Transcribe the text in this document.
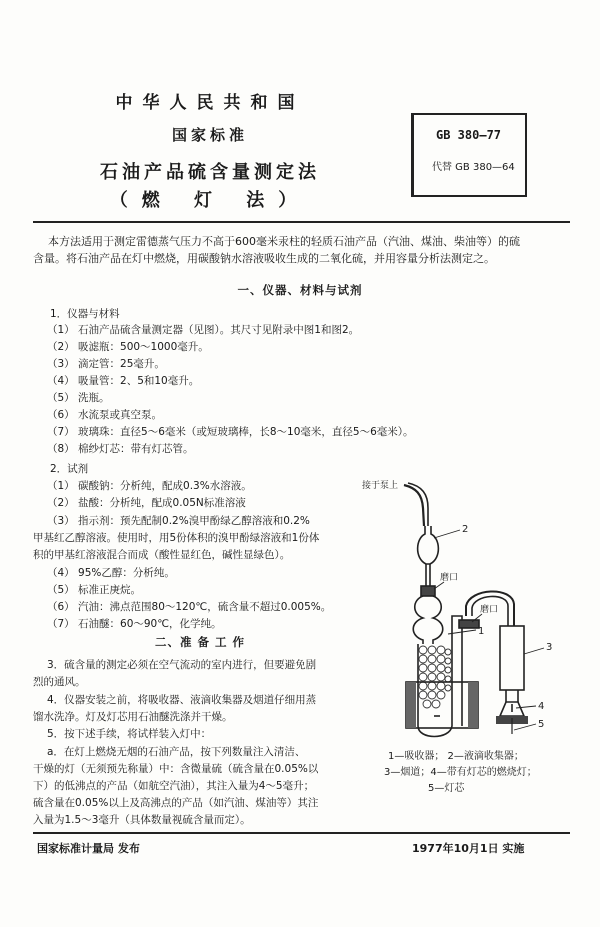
中华人民共和国
国家标准
石油产品硫含量测定法
（燃 灯 法）
GB 380—77
代替 GB 380—64
本方法适用于测定雷德蒸气压力不高于600毫米汞柱的轻质石油产品（汽油、煤油、柴油等）的硫
含量。将石油产品在灯中燃烧，用碳酸钠水溶液吸收生成的二氧化硫，并用容量分析法测定之。
一、仪器、材料与试剂
1．仪器与材料
（1） 石油产品硫含量测定器（见图）。其尺寸见附录中图1和图2。
（2） 吸滤瓶：500～1000毫升。
（3） 滴定管：25毫升。
（4） 吸量管：2、5和10毫升。
（5） 洗瓶。
（6） 水流泵或真空泵。
（7） 玻璃珠：直径5～6毫米（或短玻璃棒，长8～10毫米，直径5～6毫米）。
（8） 棉纱灯芯：带有灯芯管。
2．试剂
（1） 碳酸钠：分析纯，配成0.3%水溶液。
（2） 盐酸：分析纯，配成0.05N标准溶液
（3） 指示剂：预先配制0.2%溴甲酚绿乙醇溶液和0.2%
甲基红乙醇溶液。使用时，用5份体积的溴甲酚绿溶液和1份体
积的甲基红溶液混合而成（酸性显红色，碱性显绿色）。
（4） 95%乙醇：分析纯。
（5） 标准正庚烷。
（6） 汽油：沸点范围80～120℃，硫含量不超过0.005%。
（7） 石油醚：60～90℃，化学纯。
二、准 备 工 作
3．硫含量的测定必须在空气流动的室内进行，但要避免剧
烈的通风。
4．仪器安装之前，将吸收器、液滴收集器及烟道仔细用蒸
馏水洗净。灯及灯芯用石油醚洗涤并干燥。
5．按下述手续，将试样装入灯中：
a．在灯上燃烧无烟的石油产品，按下列数量注入清洁、
干燥的灯（无须预先称量）中：含微量硫（硫含量在0.05%以
下）的低沸点的产品（如航空汽油），其注入量为4～5毫升；
硫含量在0.05%以上及高沸点的产品（如汽油、煤油等）其注
入量为1.5～3毫升（具体数量视硫含量而定）。
接于泵上
磨口
磨口
1
2
3
4
5
1—吸收器； 2—液滴收集器；
3—烟道；4—带有灯芯的燃烧灯；
5—灯芯
国家标准计量局 发布	1977年10月1日 实施
